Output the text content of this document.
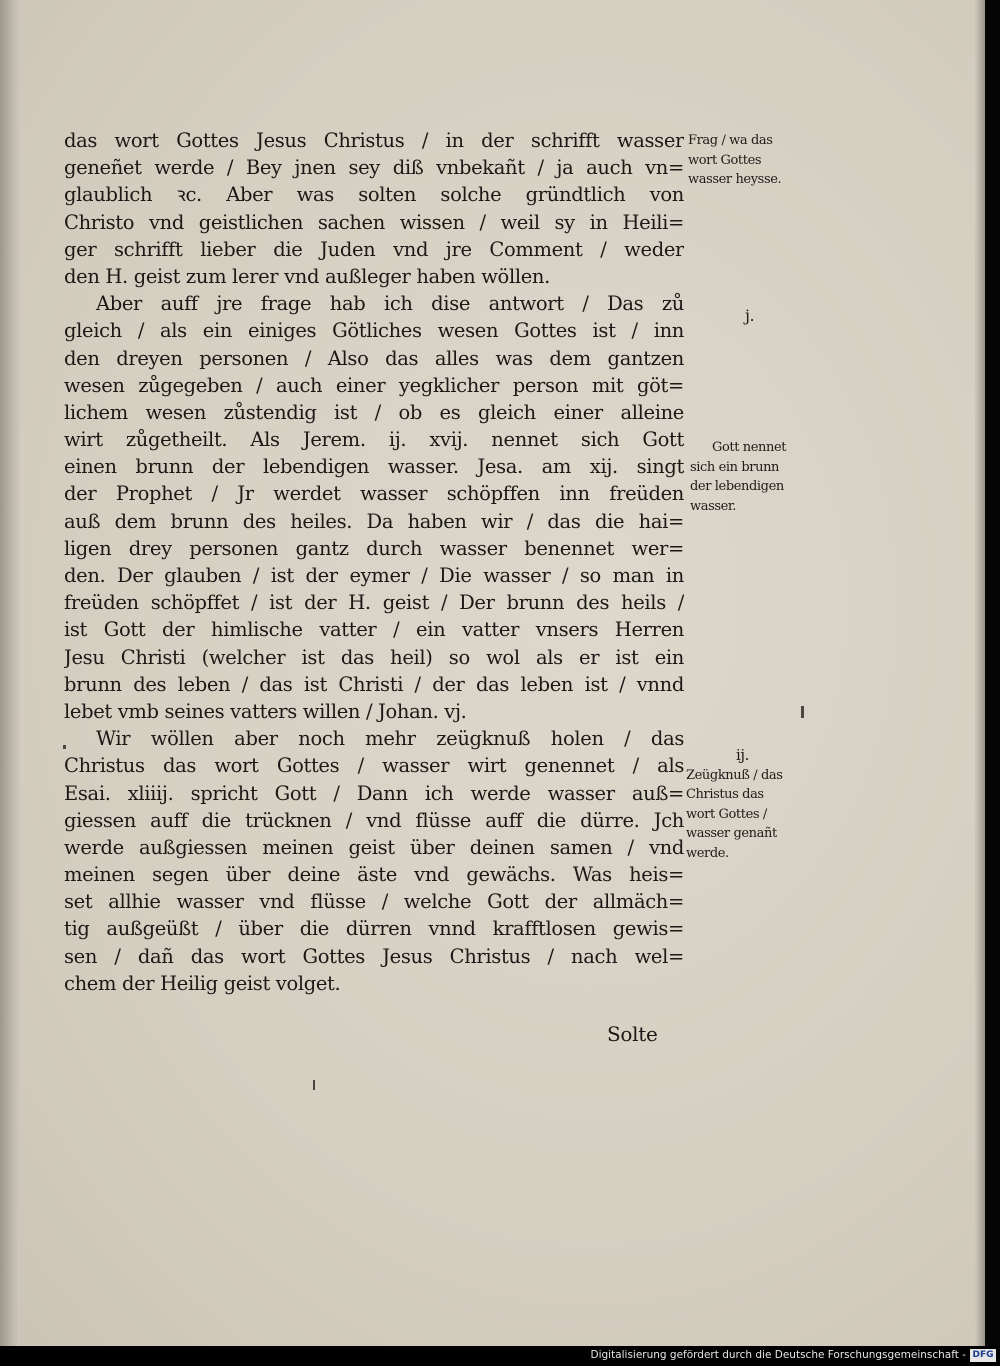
das wort Gottes Jesus Christus / in der schrifft wasser
geneñet werde / Bey jnen sey diß vnbekañt / ja auch vn=
glaublich ꝛc. Aber was solten solche gründtlich von
Christo vnd geistlichen sachen wissen / weil sy in Heili=
ger schrifft lieber die Juden vnd jre Comment / weder
den H. geist zum lerer vnd außleger haben wöllen.
Aber auff jre frage hab ich dise antwort / Das zů
gleich / als ein einiges Götliches wesen Gottes ist / inn
den dreyen personen / Also das alles was dem gantzen
wesen zůgegeben / auch einer yegklicher person mit göt=
lichem wesen zůstendig ist / ob es gleich einer alleine
wirt zůgetheilt. Als Jerem. ij. xvij. nennet sich Gott
einen brunn der lebendigen wasser. Jesa. am xij. singt
der Prophet / Jr werdet wasser schöpffen inn freüden
auß dem brunn des heiles. Da haben wir / das die hai=
ligen drey personen gantz durch wasser benennet wer=
den. Der glauben / ist der eymer / Die wasser / so man in
freüden schöpffet / ist der H. geist / Der brunn des heils /
ist Gott der himlische vatter / ein vatter vnsers Herren
Jesu Christi (welcher ist das heil) so wol als er ist ein
brunn des leben / das ist Christi / der das leben ist / vnnd
lebet vmb seines vatters willen / Johan. vj.
Wir wöllen aber noch mehr zeügknuß holen / das
Christus das wort Gottes / wasser wirt genennet / als
Esai. xliiij. spricht Gott / Dann ich werde wasser auß=
giessen auff die trücknen / vnd flüsse auff die dürre. Jch
werde außgiessen meinen geist über deinen samen / vnd
meinen segen über deine äste vnd gewächs. Was heis=
set allhie wasser vnd flüsse / welche Gott der allmäch=
tig außgeüßt / über die dürren vnnd krafftlosen gewis=
sen / dañ das wort Gottes Jesus Christus / nach wel=
chem der Heilig geist volget.
Solte
Frag / wa das
wort Gottes
wasser heysse.
j.
Gott nennet
sich ein brunn
der lebendigen
wasser.
ij.
Zeügknuß / das
Christus das
wort Gottes /
wasser genañt
werde.
Digitalisierung gefördert durch die Deutsche Forschungsgemeinschaft - DFG
